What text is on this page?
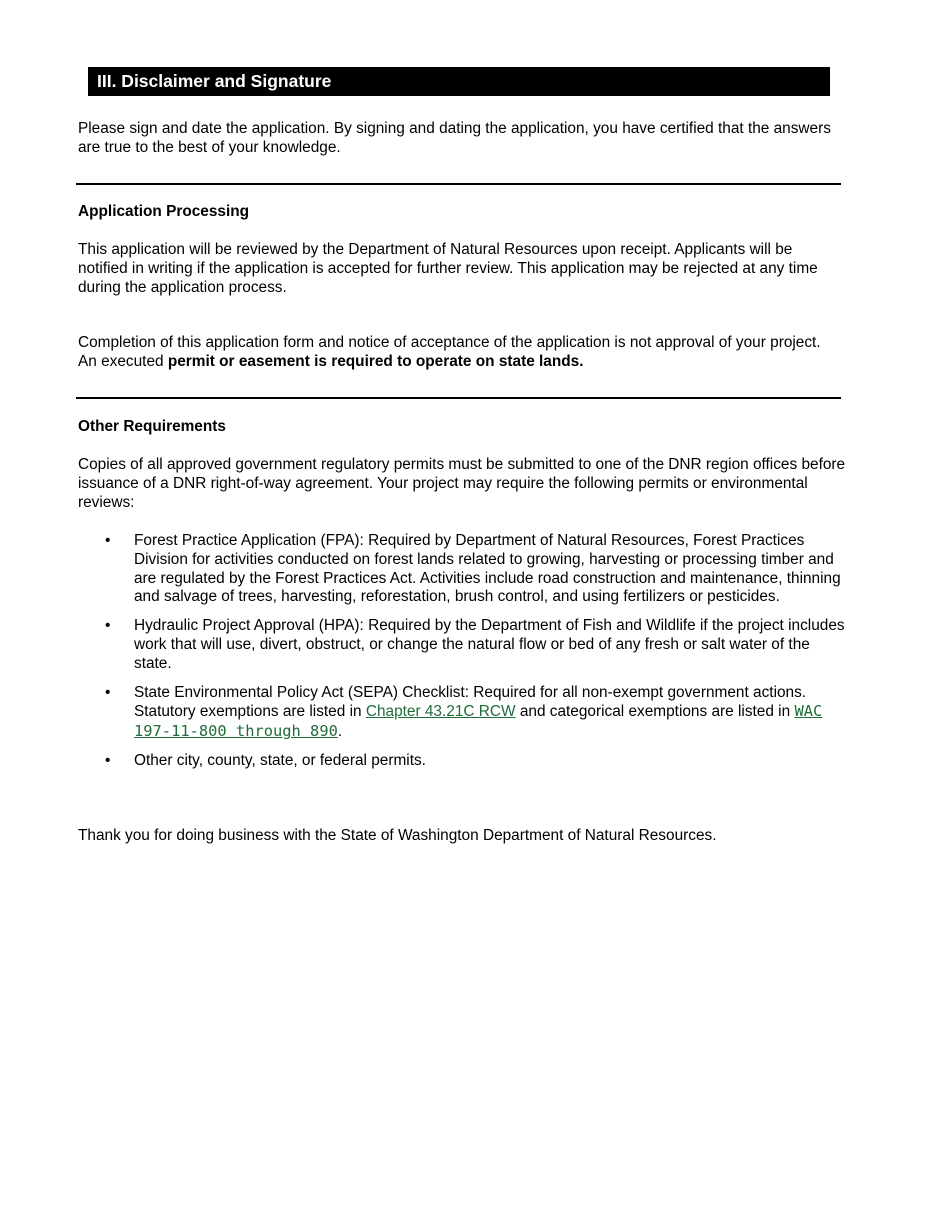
III. Disclaimer and Signature

Please sign and date the application. By signing and dating the application, you have certified that the answers are true to the best of your knowledge.

Application Processing

This application will be reviewed by the Department of Natural Resources upon receipt. Applicants will be notified in writing if the application is accepted for further review. This application may be rejected at any time during the application process.

Completion of this application form and notice of acceptance of the application is not approval of your project. An executed permit or easement is required to operate on state lands.

Other Requirements

Copies of all approved government regulatory permits must be submitted to one of the DNR region offices before issuance of a DNR right-of-way agreement. Your project may require the following permits or environmental reviews:

• Forest Practice Application (FPA): Required by Department of Natural Resources, Forest Practices Division for activities conducted on forest lands related to growing, harvesting or processing timber and are regulated by the Forest Practices Act. Activities include road construction and maintenance, thinning and salvage of trees, harvesting, reforestation, brush control, and using fertilizers or pesticides.
• Hydraulic Project Approval (HPA): Required by the Department of Fish and Wildlife if the project includes work that will use, divert, obstruct, or change the natural flow or bed of any fresh or salt water of the state.
• State Environmental Policy Act (SEPA) Checklist: Required for all non-exempt government actions. Statutory exemptions are listed in Chapter 43.21C RCW and categorical exemptions are listed in WAC 197-11-800 through 890.
• Other city, county, state, or federal permits.

Thank you for doing business with the State of Washington Department of Natural Resources.
